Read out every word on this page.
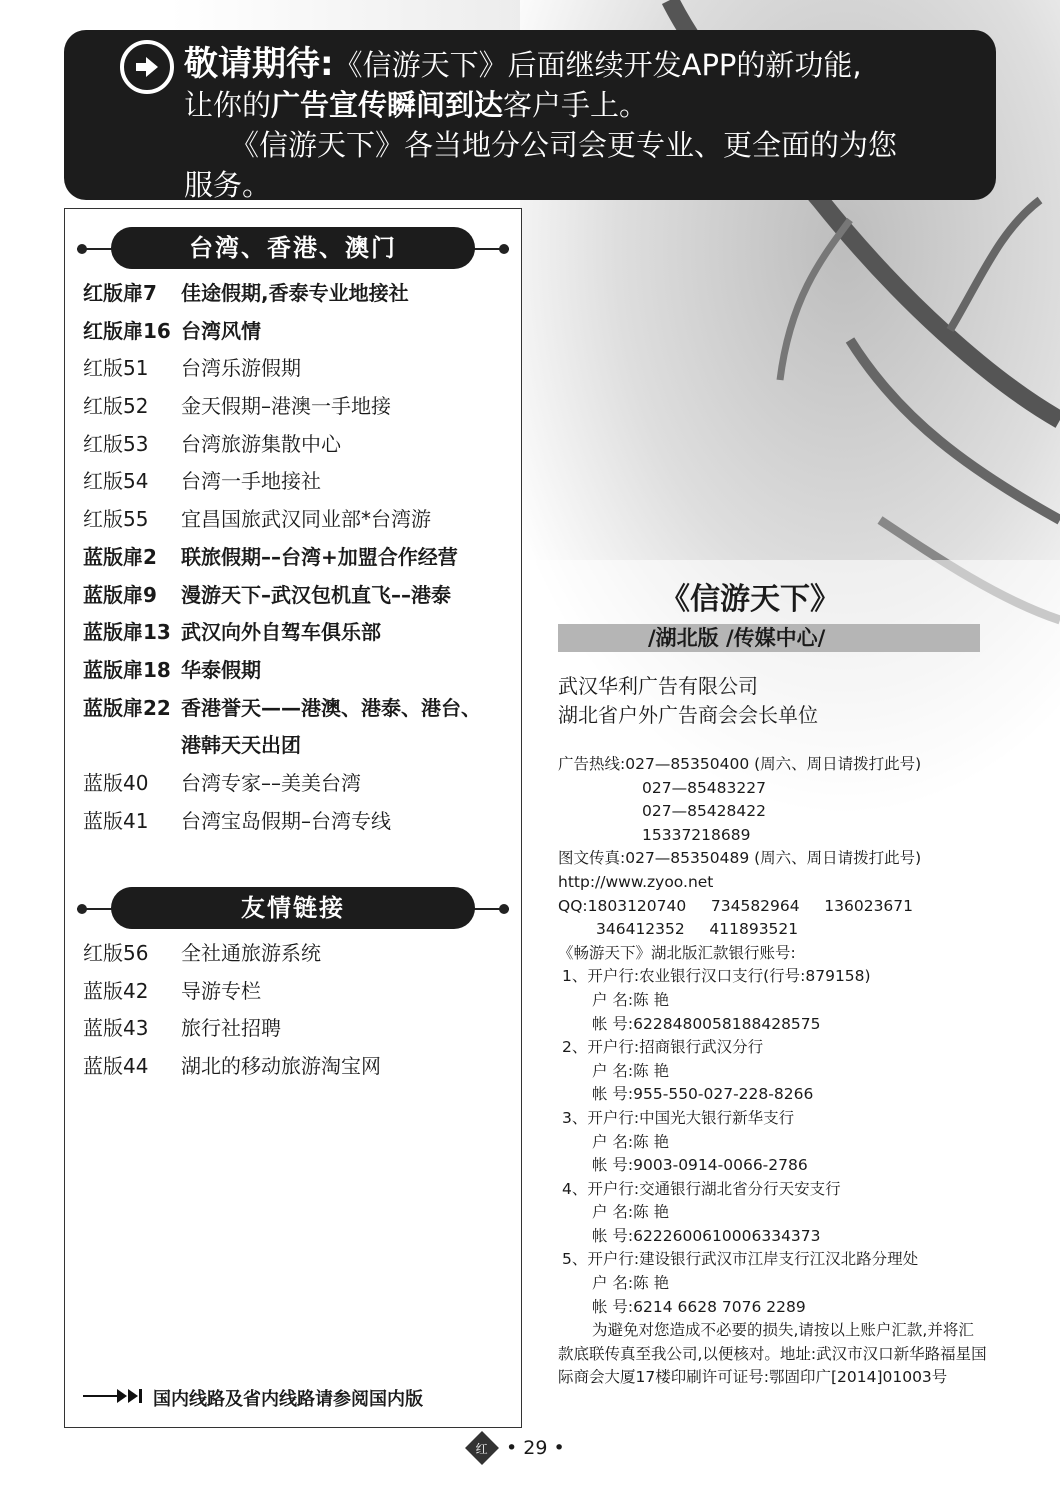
敬请期待:《信游天下》后面继续开发APP的新功能,
让你的广告宣传瞬间到达客户手上。
《信游天下》各当地分公司会更专业、更全面的为您
服务。
台湾、香港、澳门
红版扉7	佳途假期,香泰专业地接社
红版扉16 台湾风情
红版51	台湾乐游假期
红版52	金天假期–港澳一手地接
红版53	台湾旅游集散中心
红版54	台湾一手地接社
红版55	宜昌国旅武汉同业部*台湾游
蓝版扉2	联旅假期––台湾+加盟合作经营
蓝版扉9	漫游天下–武汉包机直飞––港泰
蓝版扉13 武汉向外自驾车俱乐部
蓝版扉18 华泰假期
蓝版扉22 香港誉天——港澳、港泰、港台、
港韩天天出团
蓝版40	台湾专家––美美台湾
蓝版41	台湾宝岛假期–台湾专线
友情链接
红版56	全社通旅游系统
蓝版42	导游专栏
蓝版43	旅行社招聘
蓝版44	湖北的移动旅游淘宝网
国内线路及省内线路请参阅国内版
《信游天下》
/湖北版 /传媒中心/
武汉华利广告有限公司
湖北省户外广告商会会长单位
广告热线:027—85350400 (周六、周日请拨打此号)
027—85483227
027—85428422
15337218689
图文传真:027—85350489 (周六、周日请拨打此号)
http://www.zyoo.net
QQ:1803120740     734582964     136023671
346412352     411893521
《畅游天下》湖北版汇款银行账号:
1、开户行:农业银行汉口支行(行号:879158)
户 名:陈 艳
帐 号:6228480058188428575
2、开户行:招商银行武汉分行
户 名:陈 艳
帐 号:955-550-027-228-8266
3、开户行:中国光大银行新华支行
户 名:陈 艳
帐 号:9003-0914-0066-2786
4、开户行:交通银行湖北省分行天安支行
户 名:陈 艳
帐 号:6222600610006334373
5、开户行:建设银行武汉市江岸支行江汉北路分理处
户 名:陈 艳
帐 号:6214 6628 7076 2289
为避免对您造成不必要的损失,请按以上账户汇款,并将汇款底联传真至我公司,以便核对。地址:武汉市汉口新华路福星国际商会大厦17楼印刷许可证号:鄂固印广[2014]01003号
红 • 29 •
